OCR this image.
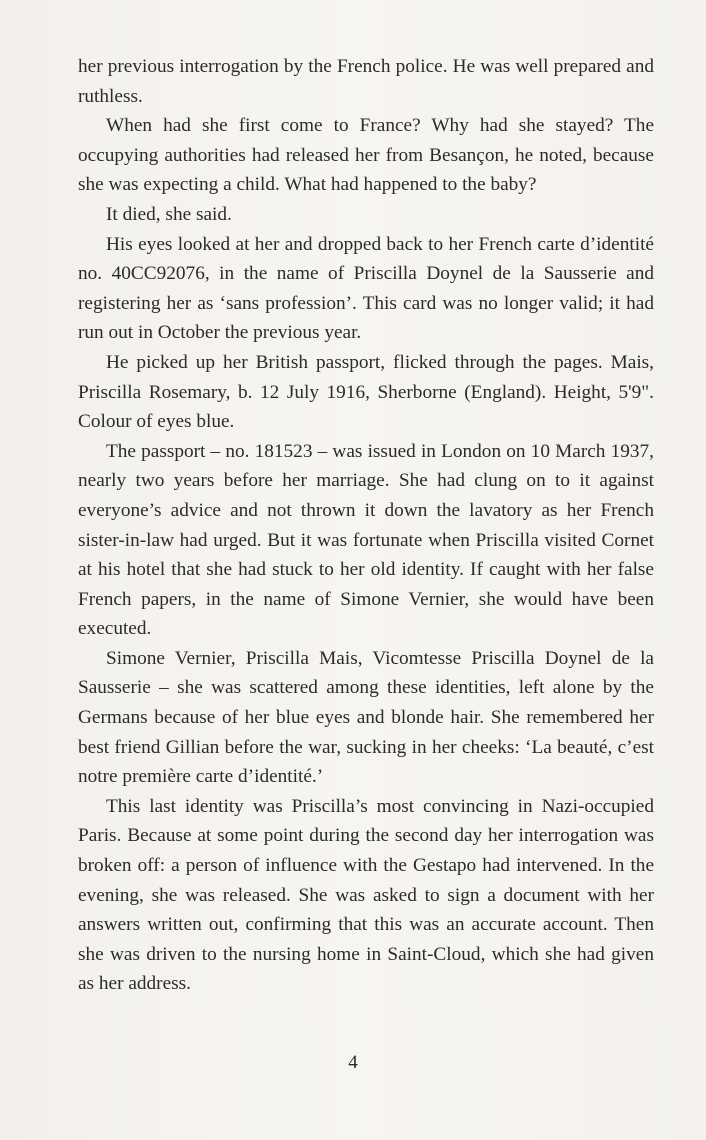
her previous interrogation by the French police. He was well prepared and ruthless.

When had she first come to France? Why had she stayed? The occupying authorities had released her from Besançon, he noted, because she was expecting a child. What had happened to the baby?

It died, she said.

His eyes looked at her and dropped back to her French carte d’identité no. 40CC92076, in the name of Priscilla Doynel de la Sausserie and registering her as ‘sans profession’. This card was no longer valid; it had run out in October the previous year.

He picked up her British passport, flicked through the pages. Mais, Priscilla Rosemary, b. 12 July 1916, Sherborne (England). Height, 5'9". Colour of eyes blue.

The passport – no. 181523 – was issued in London on 10 March 1937, nearly two years before her marriage. She had clung on to it against everyone’s advice and not thrown it down the lavatory as her French sister-in-law had urged. But it was fortunate when Priscilla visited Cornet at his hotel that she had stuck to her old identity. If caught with her false French papers, in the name of Simone Vernier, she would have been executed.

Simone Vernier, Priscilla Mais, Vicomtesse Priscilla Doynel de la Sausserie – she was scattered among these identities, left alone by the Germans because of her blue eyes and blonde hair. She remembered her best friend Gillian before the war, sucking in her cheeks: ‘La beauté, c’est notre première carte d’identité.’

This last identity was Priscilla’s most convincing in Nazi-occupied Paris. Because at some point during the second day her interrogation was broken off: a person of influence with the Gestapo had intervened. In the evening, she was released. She was asked to sign a document with her answers written out, confirming that this was an accurate account. Then she was driven to the nursing home in Saint-Cloud, which she had given as her address.

4
